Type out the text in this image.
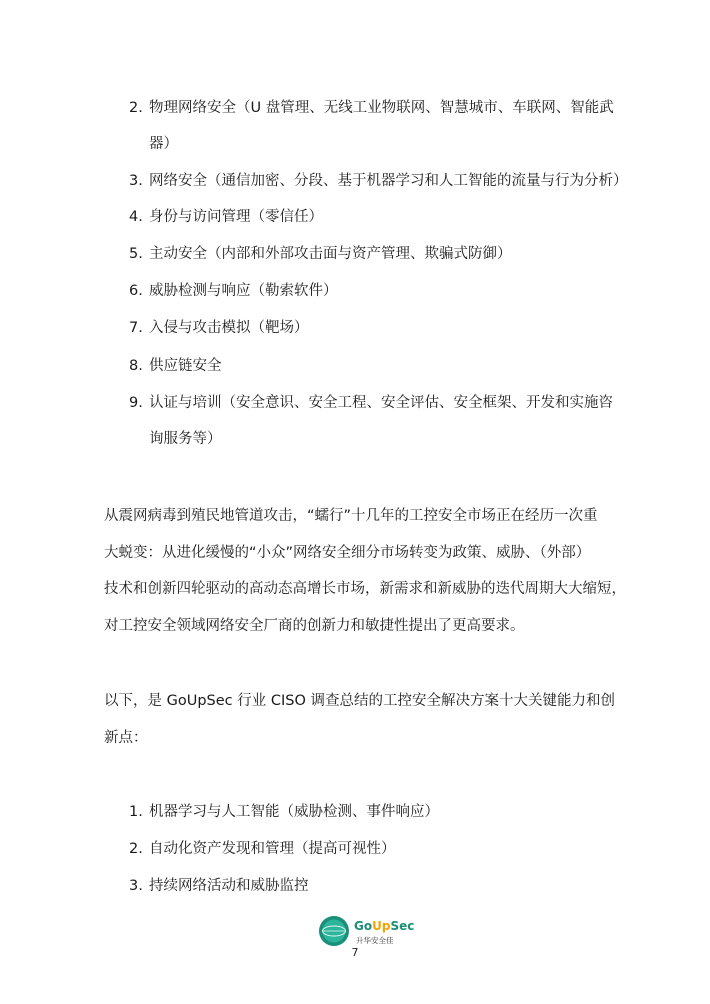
2. 物理网络安全（U 盘管理、无线工业物联网、智慧城市、车联网、智能武
器）
3. 网络安全（通信加密、分段、基于机器学习和人工智能的流量与行为分析）
4. 身份与访问管理（零信任）
5. 主动安全（内部和外部攻击面与资产管理、欺骗式防御）
6. 威胁检测与响应（勒索软件）
7. 入侵与攻击模拟（靶场）
8. 供应链安全
9. 认证与培训（安全意识、安全工程、安全评估、安全框架、开发和实施咨
询服务等）
从震网病毒到殖民地管道攻击，“蠕行”十几年的工控安全市场正在经历一次重
大蜕变：从进化缓慢的“小众”网络安全细分市场转变为政策、威胁、（外部）
技术和创新四轮驱动的高动态高增长市场，新需求和新威胁的迭代周期大大缩短，
对工控安全领域网络安全厂商的创新力和敏捷性提出了更高要求。
以下，是 GoUpSec 行业 CISO 调查总结的工控安全解决方案十大关键能力和创
新点：
1. 机器学习与人工智能（威胁检测、事件响应）
2. 自动化资产发现和管理（提高可视性）
3. 持续网络活动和威胁监控
GoUpSec
升华安全佳
7
